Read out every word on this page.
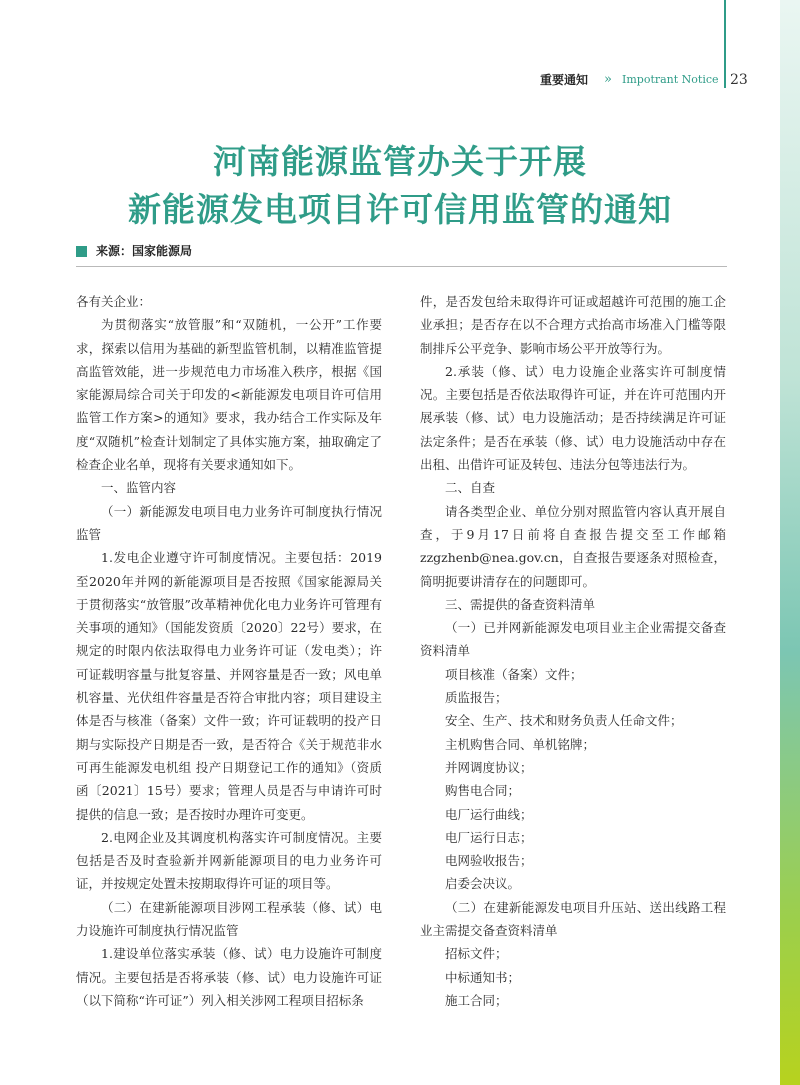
重要通知 » Impotrant Notice 23
河南能源监管办关于开展
新能源发电项目许可信用监管的通知
来源：国家能源局

各有关企业：

为贯彻落实“放管服”和“双随机，一公开”工作要求，探索以信用为基础的新型监管机制，以精准监管提高监管效能，进一步规范电力市场准入秩序，根据《国家能源局综合司关于印发的<新能源发电项目许可信用监管工作方案>的通知》要求，我办结合工作实际及年度“双随机”检查计划制定了具体实施方案，抽取确定了检查企业名单，现将有关要求通知如下。

一、监管内容

（一）新能源发电项目电力业务许可制度执行情况监管

1.发电企业遵守许可制度情况。主要包括：2019至2020年并网的新能源项目是否按照《国家能源局关于贯彻落实“放管服”改革精神优化电力业务许可管理有关事项的通知》（国能发资质〔2020〕22号）要求，在规定的时限内依法取得电力业务许可证（发电类）；许可证载明容量与批复容量、并网容量是否一致；风电单机容量、光伏组件容量是否符合审批内容；项目建设主体是否与核准（备案）文件一致；许可证载明的投产日期与实际投产日期是否一致，是否符合《关于规范非水可再生能源发电机组 投产日期登记工作的通知》（资质函〔2021〕15号）要求；管理人员是否与申请许可时提供的信息一致；是否按时办理许可变更。

2.电网企业及其调度机构落实许可制度情况。主要包括是否及时查验新并网新能源项目的电力业务许可证，并按规定处置未按期取得许可证的项目等。

（二）在建新能源项目涉网工程承装（修、试）电力设施许可制度执行情况监管

1.建设单位落实承装（修、试）电力设施许可制度情况。主要包括是否将承装（修、试）电力设施许可证（以下简称“许可证”）列入相关涉网工程项目招标条

件，是否发包给未取得许可证或超越许可范围的施工企业承担；是否存在以不合理方式抬高市场准入门槛等限制排斥公平竞争、影响市场公平开放等行为。

2.承装（修、试）电力设施企业落实许可制度情况。主要包括是否依法取得许可证，并在许可范围内开展承装（修、试）电力设施活动；是否持续满足许可证法定条件；是否在承装（修、试）电力设施活动中存在出租、出借许可证及转包、违法分包等违法行为。

二、自查

请各类型企业、单位分别对照监管内容认真开展自查，于9月17日前将自查报告提交至工作邮箱zzgzhenb@nea.gov.cn，自查报告要逐条对照检查，简明扼要讲清存在的问题即可。

三、需提供的备查资料清单

（一）已并网新能源发电项目业主企业需提交备查资料清单

项目核准（备案）文件；

质监报告；

安全、生产、技术和财务负责人任命文件；

主机购售合同、单机铭牌；

并网调度协议；

购售电合同；

电厂运行曲线；

电厂运行日志；

电网验收报告；

启委会决议。

（二）在建新能源发电项目升压站、送出线路工程业主需提交备查资料清单

招标文件；

中标通知书；

施工合同；
